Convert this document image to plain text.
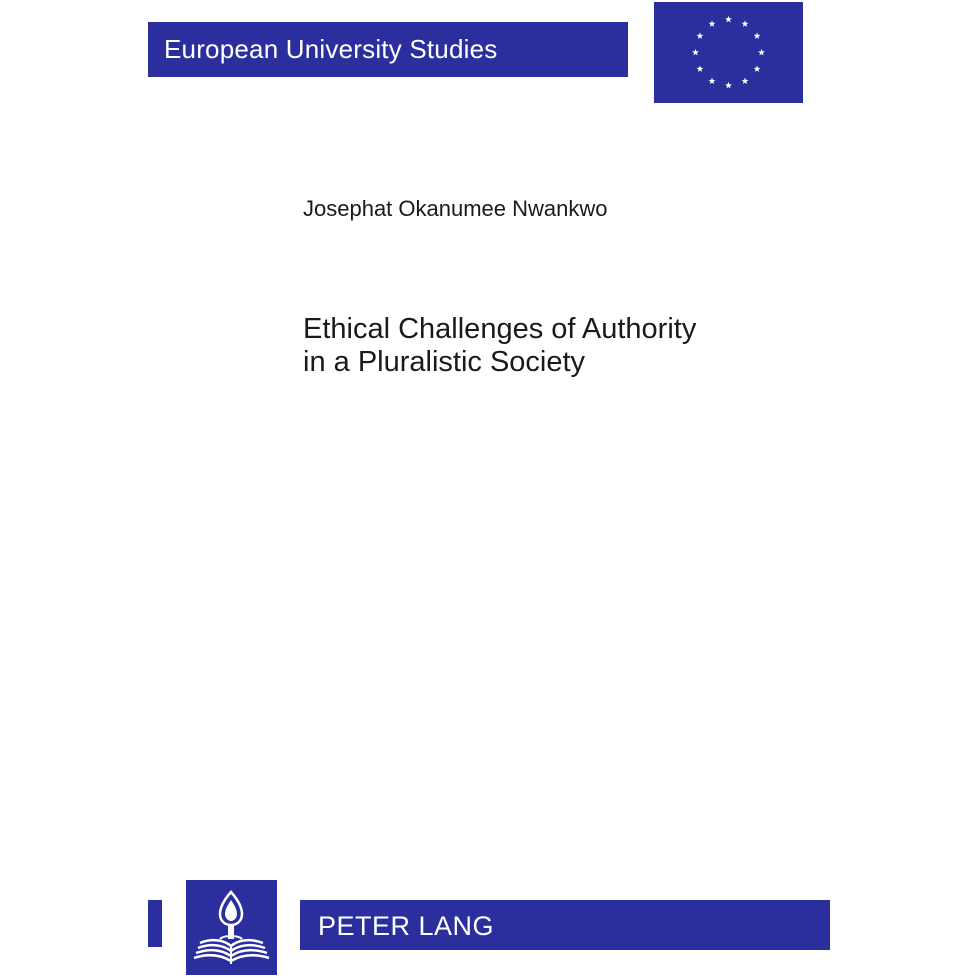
European University Studies
Josephat Okanumee Nwankwo
Ethical Challenges of Authority
in a Pluralistic Society
PETER LANG
